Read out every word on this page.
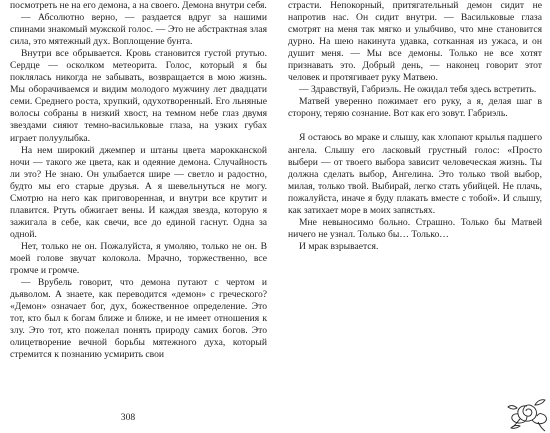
посмотреть не на его демона, а на своего. Демона внутри себя.

— Абсолютно верно, — раздается вдруг за нашими спинами знакомый мужской голос. — Это не абстрактная злая сила, это мятежный дух. Воплощение бунта.

Внутри все обрывается. Кровь становится густой ртутью. Сердце — осколком метеорита. Голос, который я бы поклялась никогда не забывать, возвращается в мою жизнь. Мы оборачиваемся и видим молодого мужчину лет двадцати семи. Среднего роста, хрупкий, одухотворенный. Его льняные волосы собраны в низкий хвост, на темном небе глаз двумя звездами сияют темно-васильковые глаза, на узких губах играет полуулыбка.

На нем широкий джемпер и штаны цвета марокканской ночи — такого же цвета, как и одеяние демона. Случайность ли это? Не знаю. Он улыбается шире — светло и радостно, будто мы его старые друзья. А я шевельнуться не могу. Смотрю на него как приговоренная, и внутри все крутит и плавится. Ртуть обжигает вены. И каждая звезда, которую я зажигала в себе, как свечи, все до единой гаснут. Одна за одной.

Нет, только не он. Пожалуйста, я умоляю, только не он. В моей голове звучат колокола. Мрачно, торжественно, все громче и громче.

— Врубель говорит, что демона путают с чертом и дьяволом. А знаете, как переводится «демон» с греческого? «Демон» означает бог, дух, божественное определение. Это тот, кто был к богам ближе и ближе, и не имеет отношения к злу. Это тот, кто пожелал понять природу самих богов. Это олицетворение вечной борьбы мятежного духа, который стремится к познанию усмирить свои

308

страсти. Непокорный, притягательный демон сидит не напротив нас. Он сидит внутри. — Васильковые глаза смотрят на меня так мягко и улыбчиво, что мне становится дурно. На шею накинута удавка, сотканная из ужаса, и он душит меня. — Мы все демоны. Только не все хотят признавать это. Добрый день, — наконец говорит этот человек и протягивает руку Матвею.

— Здравствуй, Габриэль. Не ожидал тебя здесь встретить.

Матвей уверенно пожимает его руку, а я, делая шаг в сторону, теряю сознание. Вот как его зовут. Габриэль.

Я остаюсь во мраке и слышу, как хлопают крылья падшего ангела. Слышу его ласковый грустный голос: «Просто выбери — от твоего выбора зависит человеческая жизнь. Ты должна сделать выбор, Ангелина. Это только твой выбор, милая, только твой. Выбирай, легко стать убийцей. Не плачь, пожалуйста, иначе я буду плакать вместе с тобой». И слышу, как затихает море в моих запястьях.

Мне невыносимо больно. Страшно. Только бы Матвей ничего не узнал. Только бы… Только…

И мрак взрывается.
